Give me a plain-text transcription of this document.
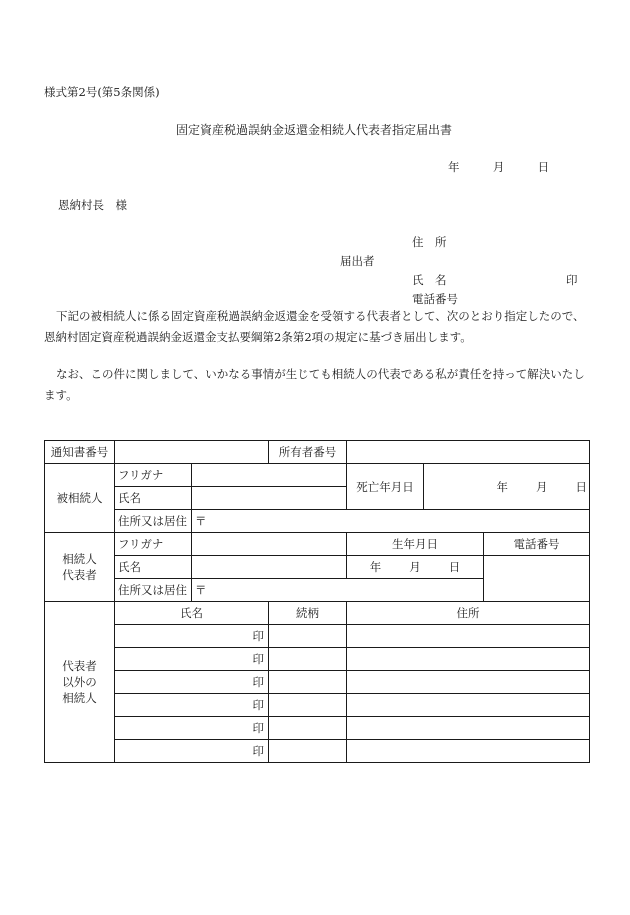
様式第2号(第5条関係)
固定資産税過誤納金返還金相続人代表者指定届出書
年	月	日
恩納村長　様
住　所
届出者
氏　名	印
電話番号
下記の被相続人に係る固定資産税過誤納金返還金を受領する代表者として、次のとおり指定したので、恩納村固定資産税過誤納金返還金支払要綱第2条第2項の規定に基づき届出します。
なお、この件に関しまして、いかなる事情が生じても相続人の代表である私が責任を持って解決いたします。
通知書番号			所有者番号			
被相続人	フリガナ			死亡年月日	年 月 日	
	氏名					
	住所又は居住	〒				

相続人
代表者	フリガナ			生年月日		電話番号
	氏名			年 月 日		
	住所又は居住	〒				

代表者
以外の
相続人	氏名		続柄	住所		
	印					
	印					
	印					
	印					
	印					
	印					
